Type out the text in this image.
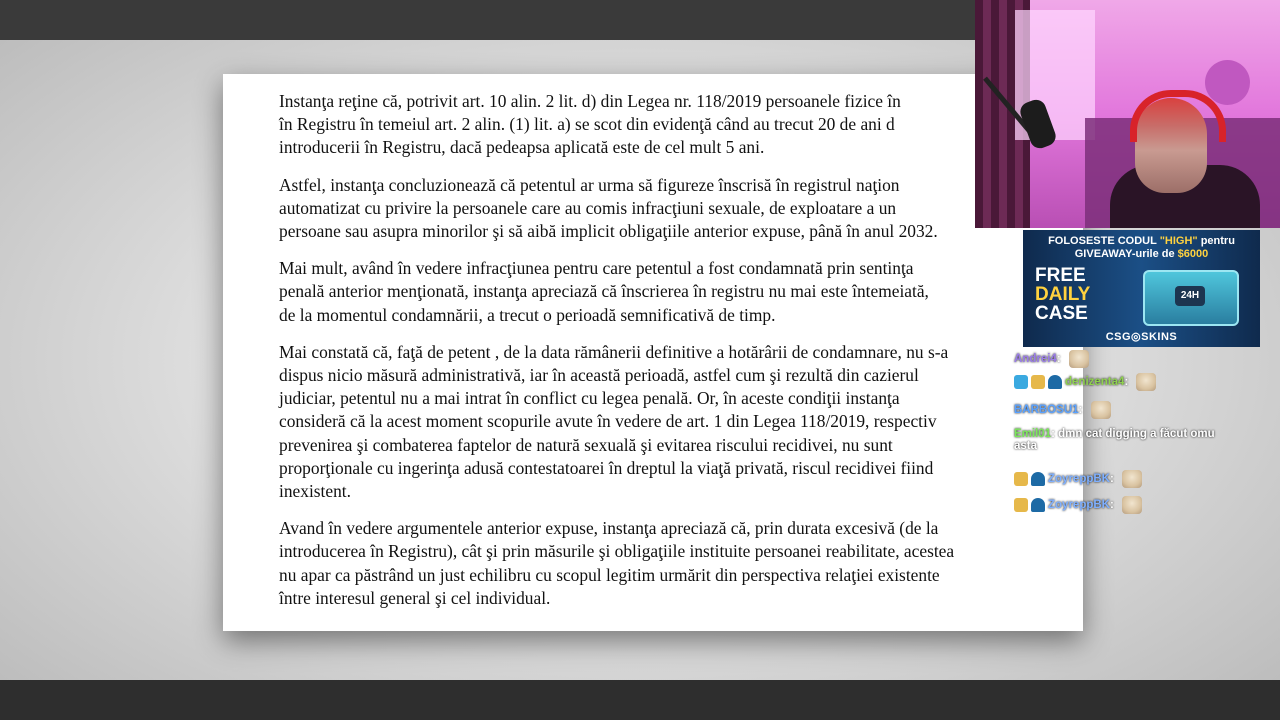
Instanţa reţine că, potrivit art. 10 alin. 2 lit. d) din Legea nr. 118/2019 persoanele fizice în
în Registru în temeiul art. 2 alin. (1) lit. a) se scot din evidenţă când au trecut 20 de ani d
introducerii în Registru, dacă pedeapsa aplicată este de cel mult 5 ani.

Astfel, instanţa concluzionează că petentul ar urma să figureze înscrisă în registrul naţion
automatizat cu privire la persoanele care au comis infracţiuni sexuale, de exploatare a un
persoane sau asupra minorilor şi să aibă implicit obligaţiile anterior expuse, până în anul 2032.

Mai mult, având în vedere infracţiunea pentru care petentul a fost condamnată prin sentinţa
penală anterior menţionată, instanţa apreciază că înscrierea în registru nu mai este întemeiată,
de la momentul condamnării, a trecut o perioadă semnificativă de timp.

Mai constată că, faţă de petent , de la data rămânerii definitive a hotărârii de condamnare, nu s-a
dispus nicio măsură administrativă, iar în această perioadă, astfel cum şi rezultă din cazierul
judiciar, petentul nu a mai intrat în conflict cu legea penală. Or, în aceste condiţii instanţa
consideră că la acest moment scopurile avute în vedere de art. 1 din Legea 118/2019, respectiv
prevenirea şi combaterea faptelor de natură sexuală şi evitarea riscului recidivei, nu sunt
proporţionale cu ingerinţa adusă contestatoarei în dreptul la viaţă privată, riscul recidivei fiind
inexistent.

Avand în vedere argumentele anterior expuse, instanţa apreciază că, prin durata excesivă (de la
introducerea în Registru), cât şi prin măsurile şi obligaţiile instituite persoanei reabilitate, acestea
nu apar ca păstrând un just echilibru cu scopul legitim urmărit din perspectiva relaţiei existente
între interesul general şi cel individual.

FOLOSESTE CODUL "HIGH" pentru
GIVEAWAY-urile de $6000
FREE
DAILY
CASE
24H
CSG◎SKINS
Andrei4:
denizenta4:
BARBOSU1:
Emil01: dmn cat digging a făcut omu
asta
ZoyreppBK:
ZoyreppBK:
